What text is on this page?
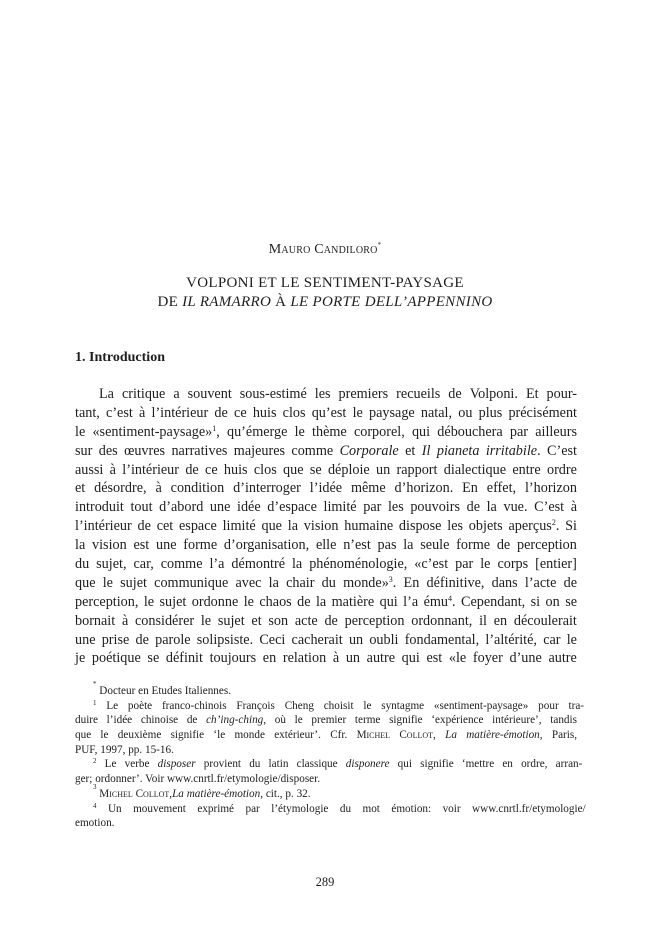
Mauro Candiloro*
VOLPONI ET LE SENTIMENT-PAYSAGE
DE IL RAMARRO À LE PORTE DELL’APPENNINO
1. Introduction
La critique a souvent sous-estimé les premiers recueils de Volponi. Et pour-
tant, c’est à l’intérieur de ce huis clos qu’est le paysage natal, ou plus précisément
le «sentiment-paysage»$^1$, qu’émerge le thème corporel, qui débouchera par ailleurs
sur des œuvres narratives majeures comme Corporale et Il pianeta irritabile. C’est
aussi à l’intérieur de ce huis clos que se déploie un rapport dialectique entre ordre
et désordre, à condition d’interroger l’idée même d’horizon. En effet, l’horizon
introduit tout d’abord une idée d’espace limité par les pouvoirs de la vue. C’est à
l’intérieur de cet espace limité que la vision humaine dispose les objets aperçus$^2$. Si
la vision est une forme d’organisation, elle n’est pas la seule forme de perception
du sujet, car, comme l’a démontré la phénoménologie, «c’est par le corps [entier]
que le sujet communique avec la chair du monde»$^3$. En définitive, dans l’acte de
perception, le sujet ordonne le chaos de la matière qui l’a ému$^4$. Cependant, si on se
bornait à considérer le sujet et son acte de perception ordonnant, il en découlerait
une prise de parole solipsiste. Ceci cacherait un oubli fondamental, l’altérité, car le
je poétique se définit toujours en relation à un autre qui est «le foyer d’une autre
*

Docteur en Etudes Italiennes.
$^1$ Le poète franco-chinois François Cheng choisit le syntagme «sentiment-paysage» pour tra-
duire l’idée chinoise de ch’ing-ching, où le premier terme signifie ‘expérience intérieure’, tandis
que le deuxième signifie ‘le monde extérieur’. Cfr. Michel Collot, La matière-émotion, Paris,
PUF, 1997, pp. 15-16.
$^2$ Le verbe disposer provient du latin classique disponere qui signifie ‘mettre en ordre, arran-
ger; ordonner’. Voir www.cnrtl.fr/etymologie/disposer.
3

Michel Collot , La matière-émotion , cit., p. 32.
$^4$ Un mouvement exprimé par l’étymologie du mot émotion: voir www.cnrtl.fr/etymologie/
emotion.
289
